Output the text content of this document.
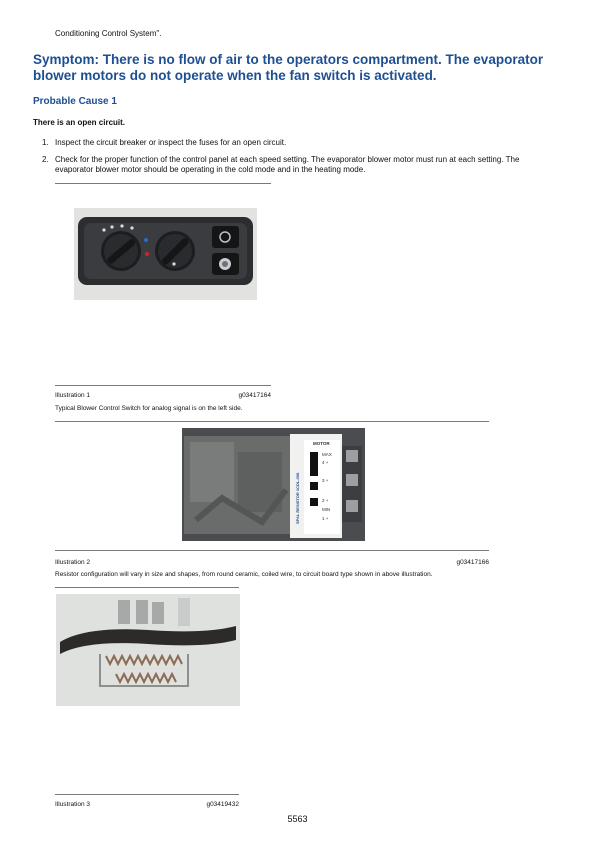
Conditioning Control System".
Symptom: There is no flow of air to the operators compartment. The evaporator blower motors do not operate when the fan switch is activated.
Probable Cause 1
There is an open circuit.
1. Inspect the circuit breaker or inspect the fuses for an open circuit.
2. Check for the proper function of the control panel at each speed setting. The evaporator blower motor must run at each setting. The evaporator blower motor should be operating in the cold mode and in the heating mode.
Illustration 1	g03417164
Typical Blower Control Switch for analog signal is on the left side.
MOTOR
MAX
4 +
3 +
2 +
MIN
1 +
SPAL RESISTOR 1CDL-006
Illustration 2	g03417166
Resistor configuration will vary in size and shapes, from round ceramic, coiled wire, to circuit board type shown in above illustration.
Illustration 3	g03419432
5563
